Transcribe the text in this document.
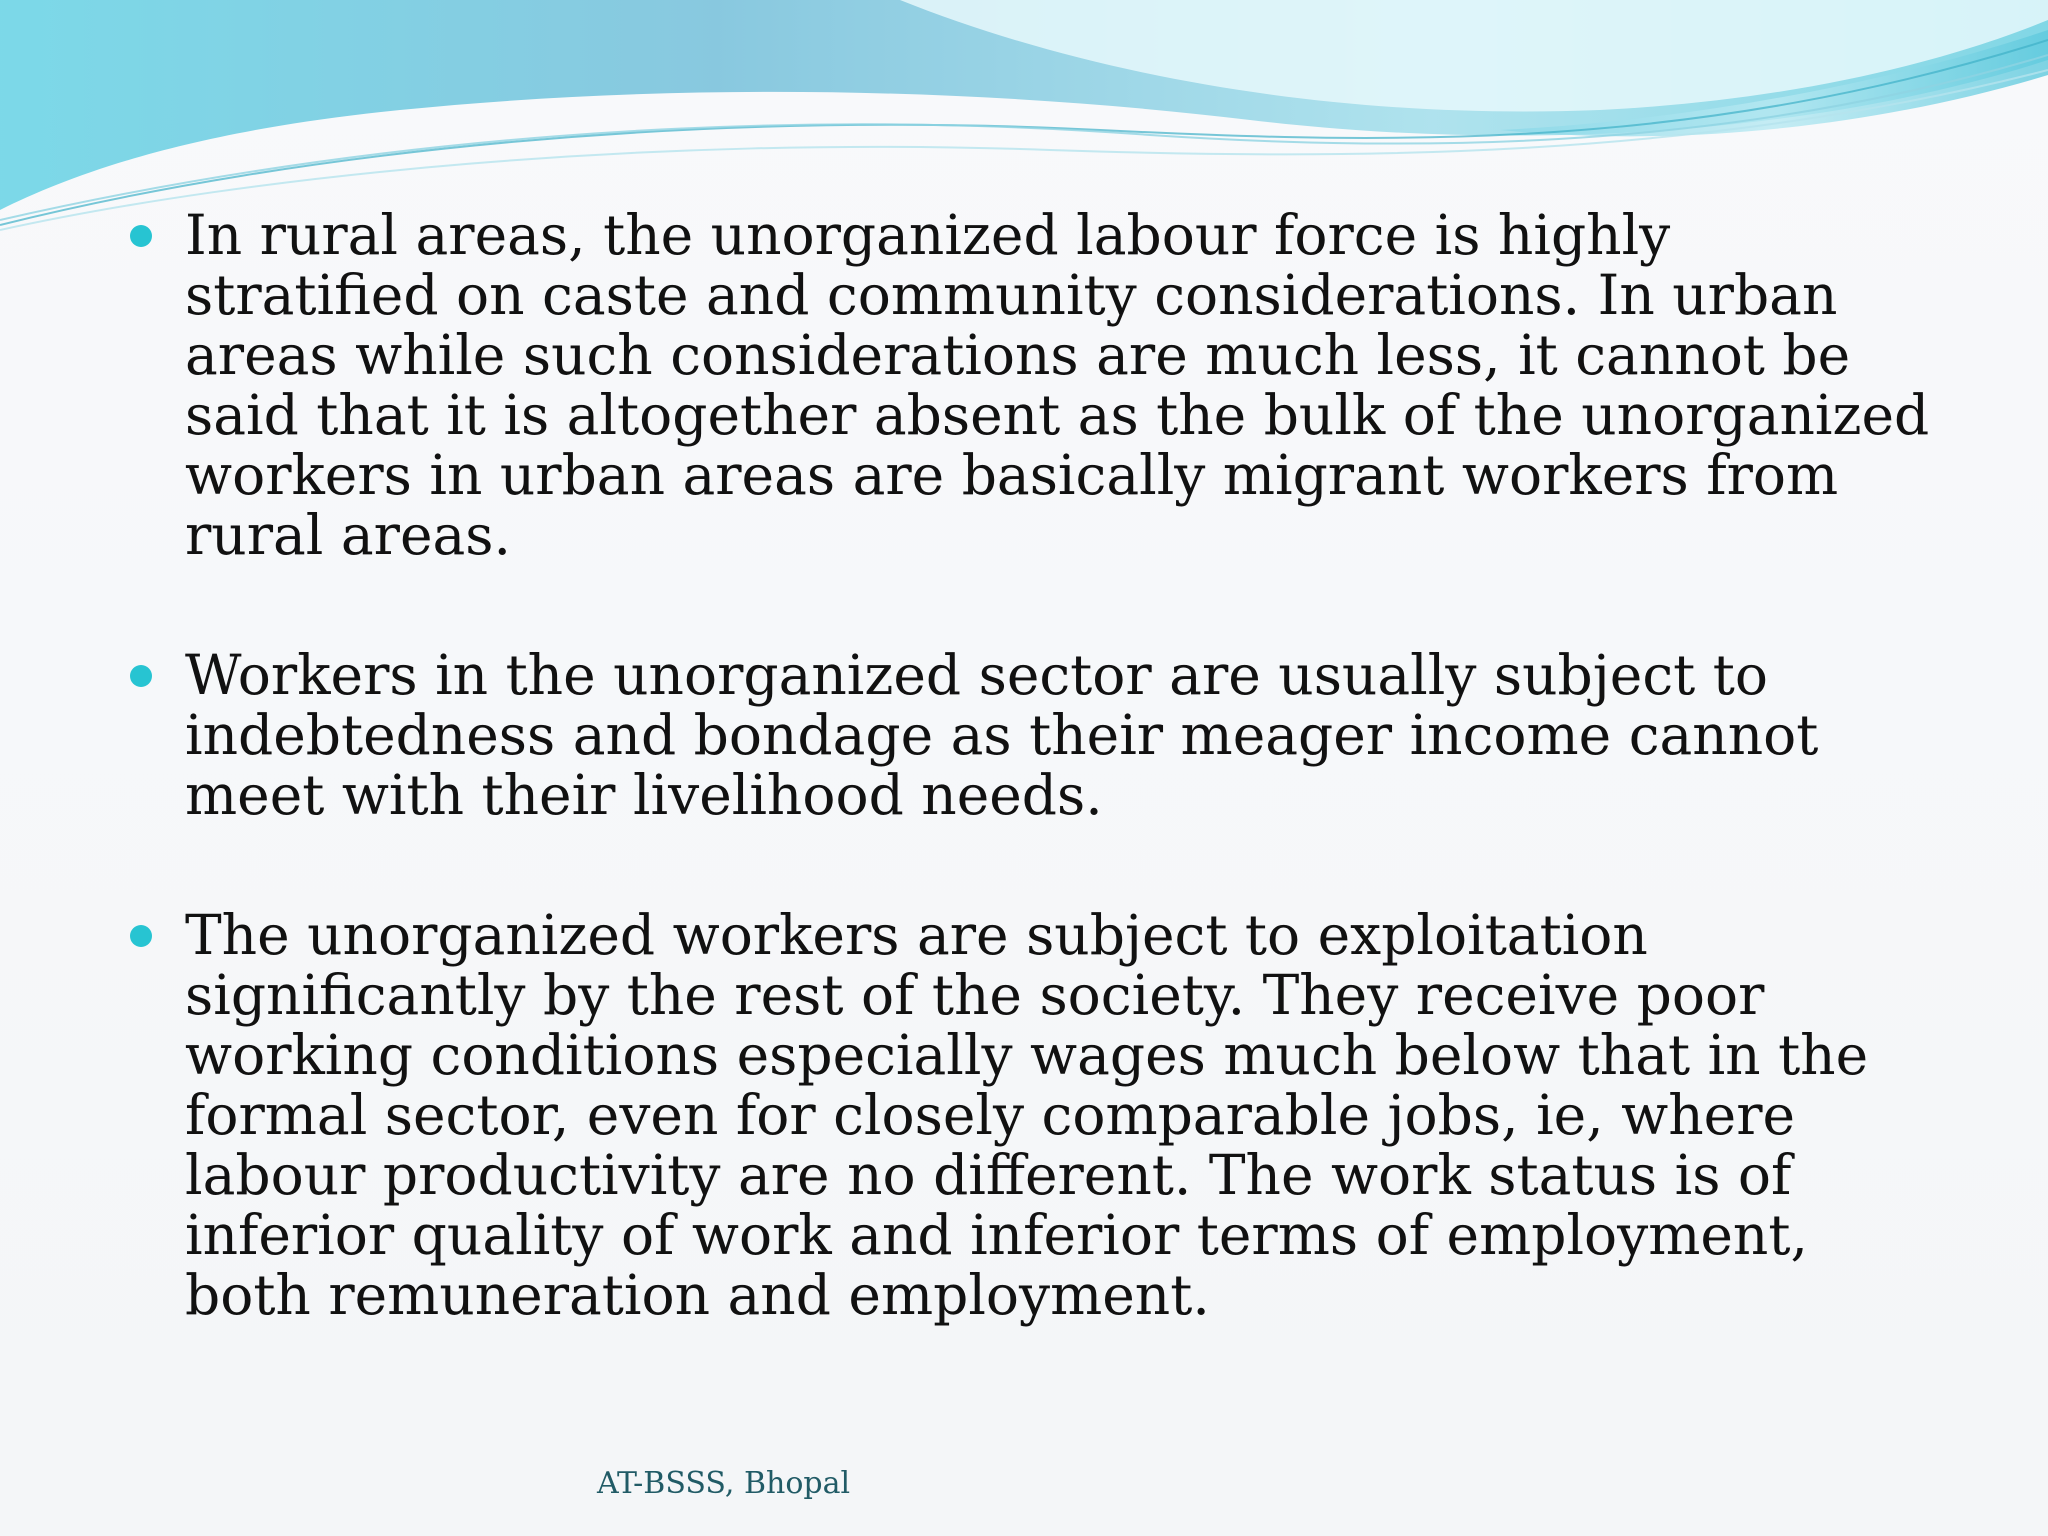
In rural areas, the unorganized labour force is highly stratified on caste and community considerations. In urban areas while such considerations are much less, it cannot be said that it is altogether absent as the bulk of the unorganized workers in urban areas are basically migrant workers from rural areas.
Workers in the unorganized sector are usually subject to indebtedness and bondage as their meager income cannot meet with their livelihood needs.
The unorganized workers are subject to exploitation significantly by the rest of the society. They receive poor working conditions especially wages much below that in the formal sector, even for closely comparable jobs, ie, where labour productivity are no different. The work status is of inferior quality of work and inferior terms of employment, both remuneration and employment.
AT-BSSS, Bhopal
